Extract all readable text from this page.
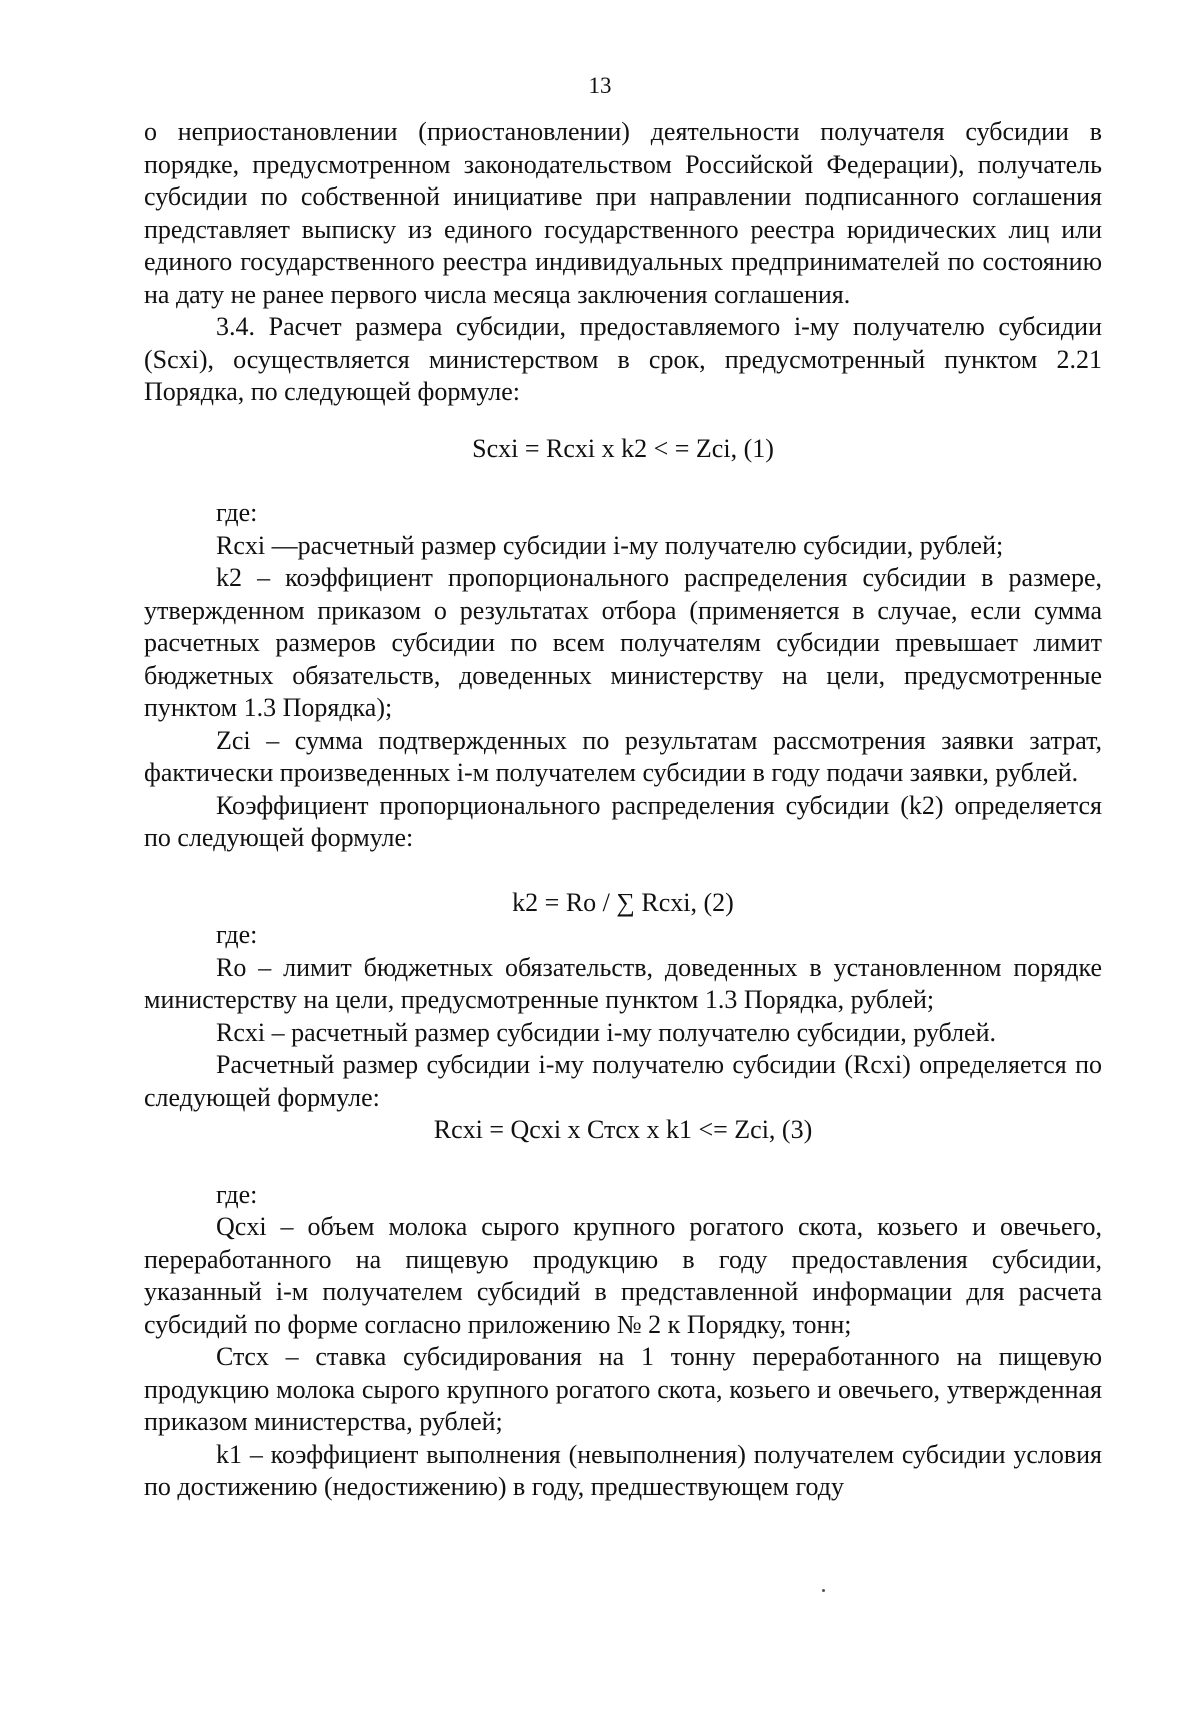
13

о неприостановлении (приостановлении) деятельности получателя субсидии в порядке, предусмотренном законодательством Российской Федерации), получатель субсидии по собственной инициативе при направлении подписанного соглашения представляет выписку из единого государственного реестра юридических лиц или единого государственного реестра индивидуальных предпринимателей по состоянию на дату не ранее первого числа месяца заключения соглашения.

3.4. Расчет размера субсидии, предоставляемого i-му получателю субсидии (Scxi), осуществляется министерством в срок, предусмотренный пунктом 2.21 Порядка, по следующей формуле:

Scxi = Rcxi x k2 < = Zci, (1)

где:

Rcxi —расчетный размер субсидии i-му получателю субсидии, рублей;

k2 – коэффициент пропорционального распределения субсидии в размере, утвержденном приказом о результатах отбора (применяется в случае, если сумма расчетных размеров субсидии по всем получателям субсидии превышает лимит бюджетных обязательств, доведенных министерству на цели, предусмотренные пунктом 1.3 Порядка);

Zci – сумма подтвержденных по результатам рассмотрения заявки затрат, фактически произведенных i-м получателем субсидии в году подачи заявки, рублей.

Коэффициент пропорционального распределения субсидии (k2) определяется по следующей формуле:

k2 = Ro / ∑ Rcxi, (2)

где:

Ro – лимит бюджетных обязательств, доведенных в установленном порядке министерству на цели, предусмотренные пунктом 1.3 Порядка, рублей;

Rcxi – расчетный размер субсидии i-му получателю субсидии, рублей.

Расчетный размер субсидии i-му получателю субсидии (Rcxi) определяется по следующей формуле:

Rcxi = Qcxi x Стcx x k1 <= Zci, (3)

где:

Qcxi – объем молока сырого крупного рогатого скота, козьего и овечьего, переработанного на пищевую продукцию в году предоставления субсидии, указанный i-м получателем субсидий в представленной информации для расчета субсидий по форме согласно приложению № 2 к Порядку, тонн;

Стcx – ставка субсидирования на 1 тонну переработанного на пищевую продукцию молока сырого крупного рогатого скота, козьего и овечьего, утвержденная приказом министерства, рублей;

k1 – коэффициент выполнения (невыполнения) получателем субсидии условия по достижению (недостижению) в году, предшествующем году
